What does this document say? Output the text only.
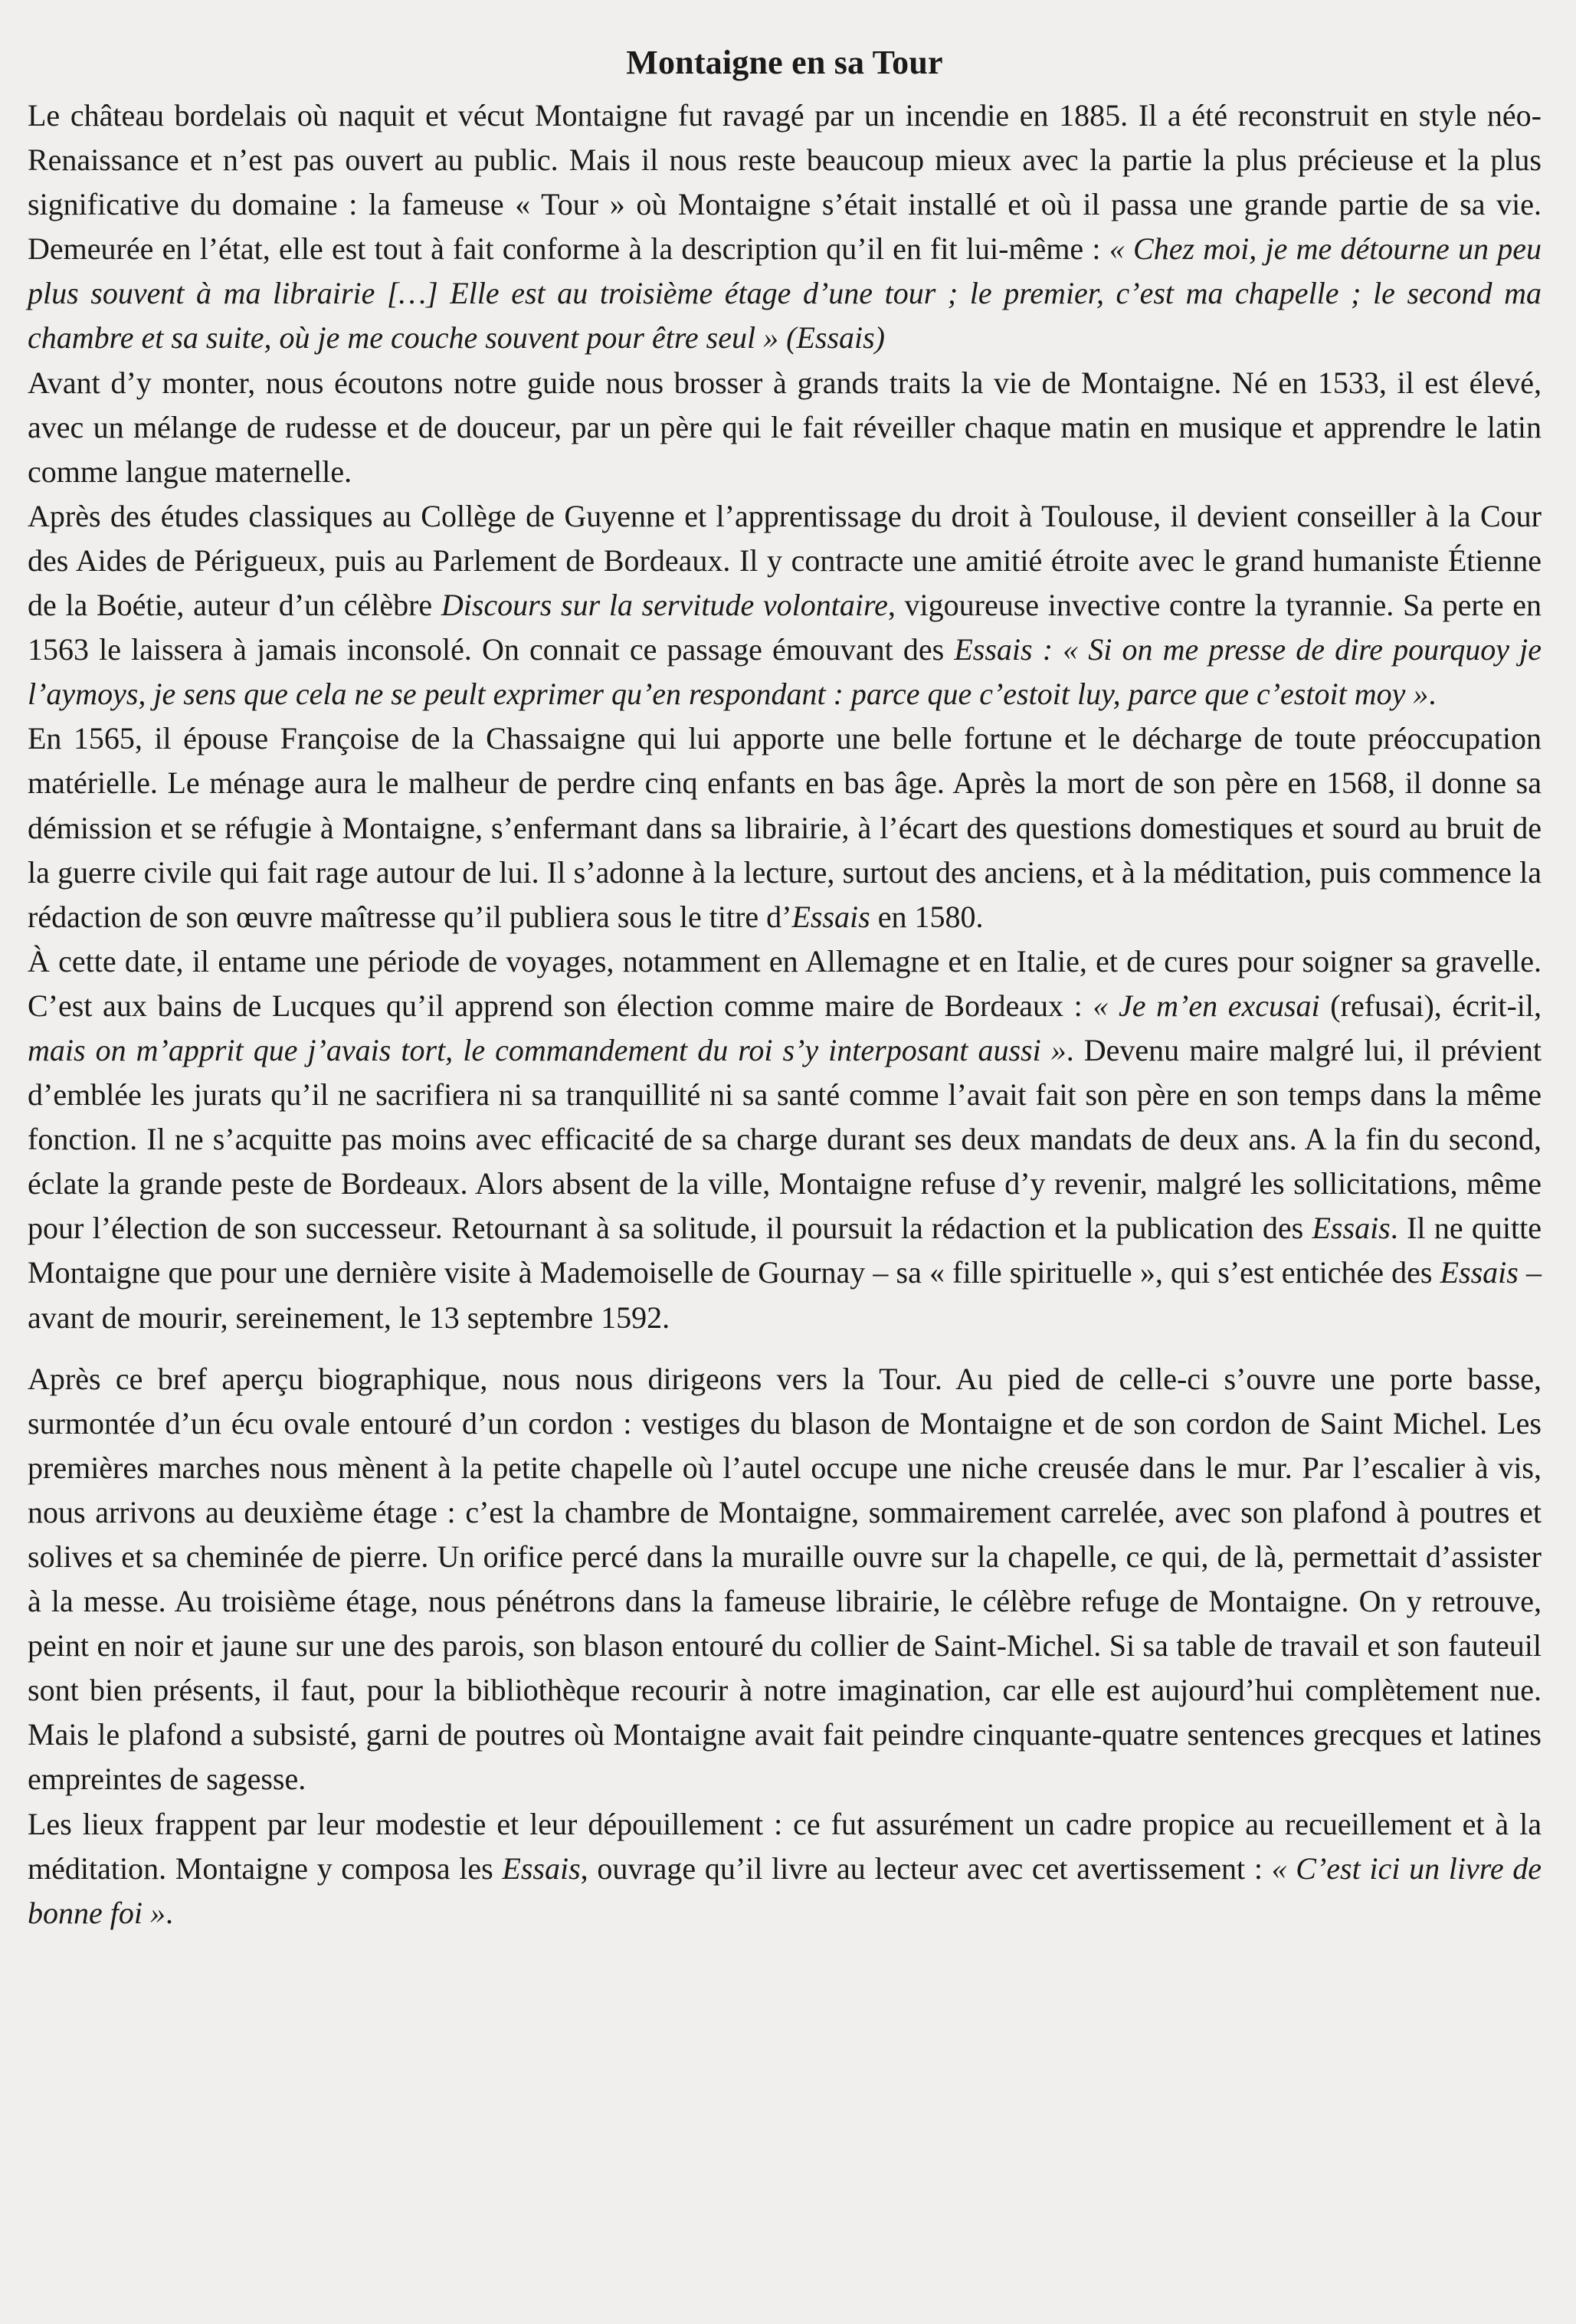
Montaigne en sa Tour

Le château bordelais où naquit et vécut Montaigne fut ravagé par un incendie en 1885. Il a été reconstruit en style néo-Renaissance et n’est pas ouvert au public. Mais il nous reste beaucoup mieux avec la partie la plus précieuse et la plus significative du domaine : la fameuse « Tour » où Montaigne s’était installé et où il passa une grande partie de sa vie. Demeurée en l’état, elle est tout à fait conforme à la description qu’il en fit lui-même : « Chez moi, je me détourne un peu plus souvent à ma librairie […] Elle est au troisième étage d’une tour ; le premier, c’est ma chapelle ; le second ma chambre et sa suite, où je me couche souvent pour être seul » (Essais)

Avant d’y monter, nous écoutons notre guide nous brosser à grands traits la vie de Montaigne. Né en 1533, il est élevé, avec un mélange de rudesse et de douceur, par un père qui le fait réveiller chaque matin en musique et apprendre le latin comme langue maternelle.

Après des études classiques au Collège de Guyenne et l’apprentissage du droit à Toulouse, il devient conseiller à la Cour des Aides de Périgueux, puis au Parlement de Bordeaux. Il y contracte une amitié étroite avec le grand humaniste Étienne de la Boétie, auteur d’un célèbre Discours sur la servitude volontaire, vigoureuse invective contre la tyrannie. Sa perte en 1563 le laissera à jamais inconsolé. On connait ce passage émouvant des Essais : « Si on me presse de dire pourquoy je l’aymoys, je sens que cela ne se peult exprimer qu’en respondant : parce que c’estoit luy, parce que c’estoit moy ».

En 1565, il épouse Françoise de la Chassaigne qui lui apporte une belle fortune et le décharge de toute préoccupation matérielle. Le ménage aura le malheur de perdre cinq enfants en bas âge. Après la mort de son père en 1568, il donne sa démission et se réfugie à Montaigne, s’enfermant dans sa librairie, à l’écart des questions domestiques et sourd au bruit de la guerre civile qui fait rage autour de lui. Il s’adonne à la lecture, surtout des anciens, et à la méditation, puis commence la rédaction de son œuvre maîtresse qu’il publiera sous le titre d’Essais en 1580.

À cette date, il entame une période de voyages, notamment en Allemagne et en Italie, et de cures pour soigner sa gravelle. C’est aux bains de Lucques qu’il apprend son élection comme maire de Bordeaux : « Je m’en excusai (refusai), écrit-il, mais on m’apprit que j’avais tort, le commandement du roi s’y interposant aussi ». Devenu maire malgré lui, il prévient d’emblée les jurats qu’il ne sacrifiera ni sa tranquillité ni sa santé comme l’avait fait son père en son temps dans la même fonction. Il ne s’acquitte pas moins avec efficacité de sa charge durant ses deux mandats de deux ans. A la fin du second, éclate la grande peste de Bordeaux. Alors absent de la ville, Montaigne refuse d’y revenir, malgré les sollicitations, même pour l’élection de son successeur. Retournant à sa solitude, il poursuit la rédaction et la publication des Essais. Il ne quitte Montaigne que pour une dernière visite à Mademoiselle de Gournay – sa « fille spirituelle », qui s’est entichée des Essais – avant de mourir, sereinement, le 13 septembre 1592.

Après ce bref aperçu biographique, nous nous dirigeons vers la Tour. Au pied de celle-ci s’ouvre une porte basse, surmontée d’un écu ovale entouré d’un cordon : vestiges du blason de Montaigne et de son cordon de Saint Michel. Les premières marches nous mènent à la petite chapelle où l’autel occupe une niche creusée dans le mur. Par l’escalier à vis, nous arrivons au deuxième étage : c’est la chambre de Montaigne, sommairement carrelée, avec son plafond à poutres et solives et sa cheminée de pierre. Un orifice percé dans la muraille ouvre sur la chapelle, ce qui, de là, permettait d’assister à la messe. Au troisième étage, nous pénétrons dans la fameuse librairie, le célèbre refuge de Montaigne. On y retrouve, peint en noir et jaune sur une des parois, son blason entouré du collier de Saint-Michel. Si sa table de travail et son fauteuil sont bien présents, il faut, pour la bibliothèque recourir à notre imagination, car elle est aujourd’hui complètement nue. Mais le plafond a subsisté, garni de poutres où Montaigne avait fait peindre cinquante-quatre sentences grecques et latines empreintes de sagesse.

Les lieux frappent par leur modestie et leur dépouillement : ce fut assurément un cadre propice au recueillement et à la méditation. Montaigne y composa les Essais, ouvrage qu’il livre au lecteur avec cet avertissement : « C’est ici un livre de bonne foi ».
